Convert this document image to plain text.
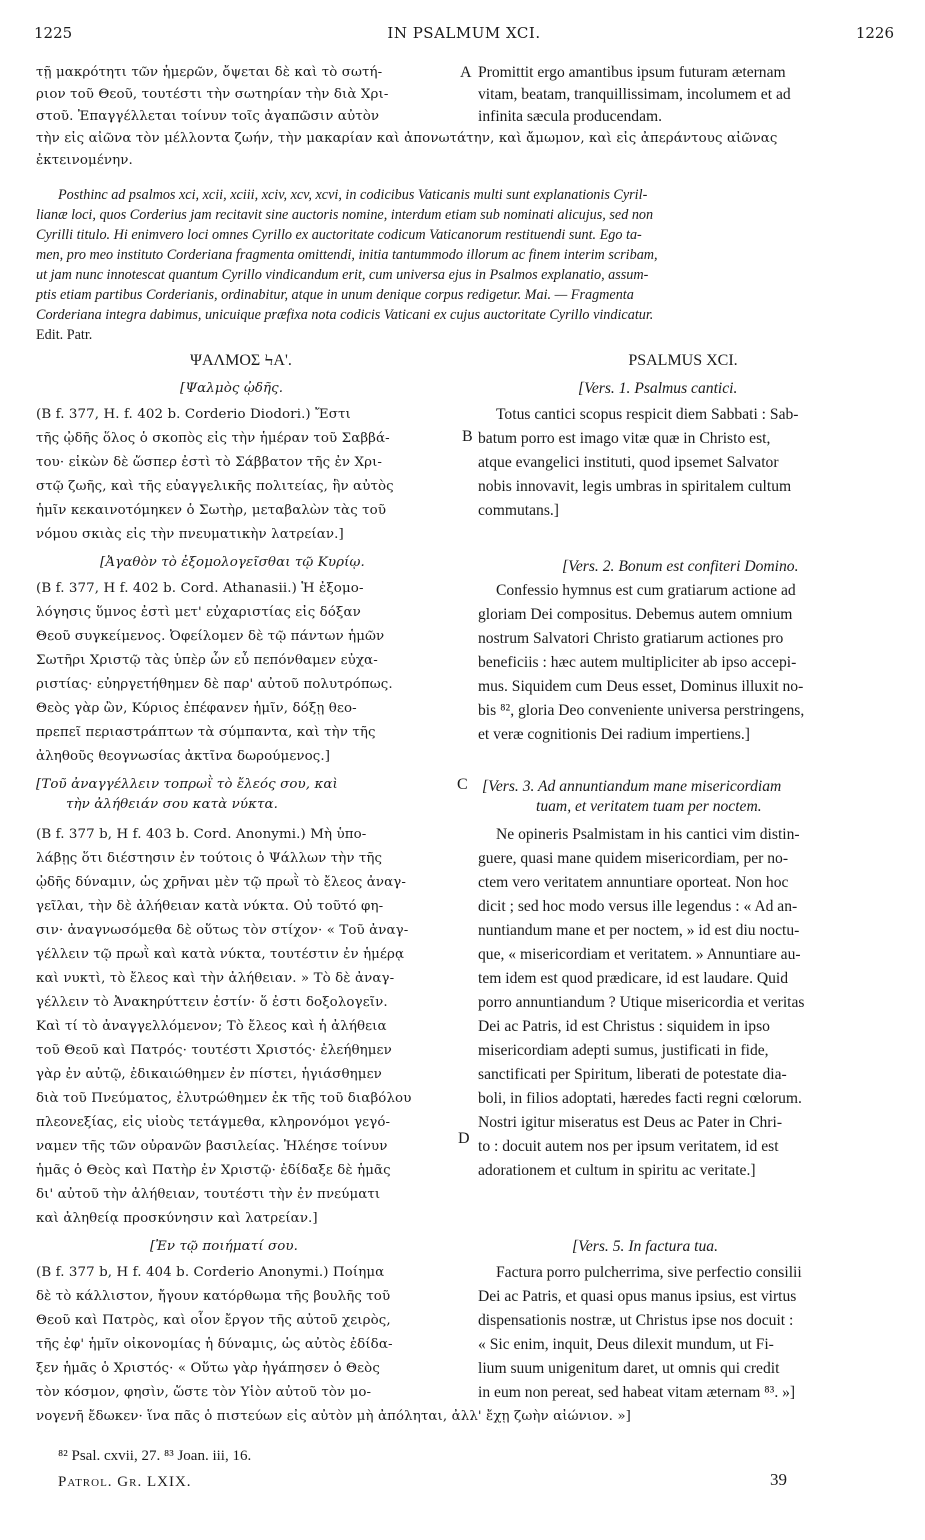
1225	IN PSALMUM XCI.	1226
τῇ μακρότητι τῶν ἡμερῶν, ὄψεται δὲ καὶ τὸ σωτή-
ριον τοῦ Θεοῦ, τουτέστι τὴν σωτηρίαν τὴν διὰ Χρι-
στοῦ. Ἐπαγγέλλεται τοίνυν τοῖς ἀγαπῶσιν αὐτὸν
A Promittit ergo amantibus ipsum futuram æternam
vitam, beatam, tranquillissimam, incolumem et ad
infinita sæcula producendam.
τὴν εἰς αἰῶνα τὸν μέλλοντα ζωήν, τὴν μακαρίαν καὶ ἀπονωτάτην, καὶ ἄμωμον, καὶ εἰς ἀπεράντους αἰῶνας
ἐκτεινομένην.
Posthinc ad psalmos xci, xcii, xciii, xciv, xcv, xcvi, in codicibus Vaticanis multi sunt explanationis Cyril-
lianæ loci, quos Corderius jam recitavit sine auctoris nomine, interdum etiam sub nominati alicujus, sed non
Cyrilli titulo. Hi enimvero loci omnes Cyrillo ex auctoritate codicum Vaticanorum restituendi sunt. Ego ta-
men, pro meo instituto Corderiana fragmenta omittendi, initia tantummodo illorum ac finem interim scribam,
ut jam nunc innotescat quantum Cyrillo vindicandum erit, cum universa ejus in Psalmos explanatio, assum-
ptis etiam partibus Corderianis, ordinabitur, atque in unum denique corpus redigetur. Mai. — Fragmenta
Corderiana integra dabimus, unicuique præfixa nota codicis Vaticani ex cujus auctoritate Cyrillo vindicatur.
Edit. Patr.
ΨΑΛΜΟΣ ϞΑ'.	PSALMUS XCI.
[Ψαλμὸς ᾠδῆς.
(B f. 377, H. f. 402 b. Corderio Diodori.) Ἔστι
τῆς ᾠδῆς ὅλος ὁ σκοπὸς εἰς τὴν ἡμέραν τοῦ Σαββά-
του· εἰκὼν δὲ ὥσπερ ἐστὶ τὸ Σάββατον τῆς ἐν Χρι-
στῷ ζωῆς, καὶ τῆς εὐαγγελικῆς πολιτείας, ἣν αὐτὸς
ἡμῖν κεκαινοτόμηκεν ὁ Σωτὴρ, μεταβαλὼν τὰς τοῦ
νόμου σκιὰς εἰς τὴν πνευματικὴν λατρείαν.]
[Ἀγαθὸν τὸ ἐξομολογεῖσθαι τῷ Κυρίῳ.
(B f. 377, H f. 402 b. Cord. Athanasii.) Ἡ ἐξομο-
λόγησις ὕμνος ἐστὶ μετ' εὐχαριστίας εἰς δόξαν
Θεοῦ συγκείμενος. Ὀφείλομεν δὲ τῷ πάντων ἡμῶν
Σωτῆρι Χριστῷ τὰς ὑπὲρ ὧν εὖ πεπόνθαμεν εὐχα-
ριστίας· εὐηργετήθημεν δὲ παρ' αὐτοῦ πολυτρόπως.
Θεὸς γὰρ ὢν, Κύριος ἐπέφανεν ἡμῖν, δόξῃ θεο-
πρεπεῖ περιαστράπτων τὰ σύμπαντα, καὶ τὴν τῆς
ἀληθοῦς θεογνωσίας ἀκτῖνα δωρούμενος.]
[Τοῦ ἀναγγέλλειν τοπρωῒ τὸ ἔλεός σου, καὶ
τὴν ἀλήθειάν σου κατὰ νύκτα.
(B f. 377 b, H f. 403 b. Cord. Anonymi.) Μὴ ὑπο-
λάβῃς ὅτι διέστησιν ἐν τούτοις ὁ Ψάλλων τὴν τῆς
ᾠδῆς δύναμιν, ὡς χρῆναι μὲν τῷ πρωῒ τὸ ἔλεος ἀναγ-
γεῖλαι, τὴν δὲ ἀλήθειαν κατὰ νύκτα. Οὐ τοῦτό φη-
σιν· ἀναγνωσόμεθα δὲ οὕτως τὸν στίχον· « Τοῦ ἀναγ-
γέλλειν τῷ πρωῒ καὶ κατὰ νύκτα, τουτέστιν ἐν ἡμέρᾳ
καὶ νυκτὶ, τὸ ἔλεος καὶ τὴν ἀλήθειαν. » Τὸ δὲ ἀναγ-
γέλλειν τὸ Ἀνακηρύττειν ἐστίν· ὅ ἐστι δοξολογεῖν.
Καὶ τί τὸ ἀναγγελλόμενον; Τὸ ἔλεος καὶ ἡ ἀλήθεια
τοῦ Θεοῦ καὶ Πατρός· τουτέστι Χριστός· ἐλεήθημεν
γὰρ ἐν αὐτῷ, ἐδικαιώθημεν ἐν πίστει, ἡγιάσθημεν
διὰ τοῦ Πνεύματος, ἐλυτρώθημεν ἐκ τῆς τοῦ διαβόλου
πλεονεξίας, εἰς υἱοὺς τετάγμεθα, κληρονόμοι γεγό-
ναμεν τῆς τῶν οὐρανῶν βασιλείας. Ἠλέησε τοίνυν
ἡμᾶς ὁ Θεὸς καὶ Πατὴρ ἐν Χριστῷ· ἐδίδαξε δὲ ἡμᾶς
δι' αὐτοῦ τὴν ἀλήθειαν, τουτέστι τὴν ἐν πνεύματι
καὶ ἀληθείᾳ προσκύνησιν καὶ λατρείαν.]
[Ἐν τῷ ποιήματί σου.
(B f. 377 b, H f. 404 b. Corderio Anonymi.) Ποίημα
δὲ τὸ κάλλιστον, ἤγουν κατόρθωμα τῆς βουλῆς τοῦ
Θεοῦ καὶ Πατρὸς, καὶ οἷον ἔργον τῆς αὐτοῦ χειρὸς,
τῆς ἐφ' ἡμῖν οἰκονομίας ἡ δύναμις, ὡς αὐτὸς ἐδίδα-
ξεν ἡμᾶς ὁ Χριστός· « Οὕτω γὰρ ἠγάπησεν ὁ Θεὸς
τὸν κόσμον, φησὶν, ὥστε τὸν Υἱὸν αὐτοῦ τὸν μο-
B
C
D
[Vers. 1. Psalmus cantici.
Totus cantici scopus respicit diem Sabbati : Sab-
batum porro est imago vitæ quæ in Christo est,
atque evangelici instituti, quod ipsemet Salvator
nobis innovavit, legis umbras in spiritalem cultum
commutans.]
[Vers. 2. Bonum est confiteri Domino.
Confessio hymnus est cum gratiarum actione ad
gloriam Dei compositus. Debemus autem omnium
nostrum Salvatori Christo gratiarum actiones pro
beneficiis : hæc autem multipliciter ab ipso accepi-
mus. Siquidem cum Deus esset, Dominus illuxit no-
bis ⁸², gloria Deo conveniente universa perstringens,
et veræ cognitionis Dei radium impertiens.]
[Vers. 3. Ad annuntiandum mane misericordiam
tuam, et veritatem tuam per noctem.
Ne opineris Psalmistam in his cantici vim distin-
guere, quasi mane quidem misericordiam, per no-
ctem vero veritatem annuntiare oporteat. Non hoc
dicit ; sed hoc modo versus ille legendus : « Ad an-
nuntiandum mane et per noctem, » id est diu noctu-
que, « misericordiam et veritatem. » Annuntiare au-
tem idem est quod prædicare, id est laudare. Quid
porro annuntiandum ? Utique misericordia et veritas
Dei ac Patris, id est Christus : siquidem in ipso
misericordiam adepti sumus, justificati in fide,
sanctificati per Spiritum, liberati de potestate dia-
boli, in filios adoptati, hæredes facti regni cœlorum.
Nostri igitur miseratus est Deus ac Pater in Chri-
to : docuit autem nos per ipsum veritatem, id est
adorationem et cultum in spiritu ac veritate.]
[Vers. 5. In factura tua.
Factura porro pulcherrima, sive perfectio consilii
Dei ac Patris, et quasi opus manus ipsius, est virtus
dispensationis nostræ, ut Christus ipse nos docuit :
« Sic enim, inquit, Deus dilexit mundum, ut Fi-
lium suum unigenitum daret, ut omnis qui credit
in eum non pereat, sed habeat vitam æternam ⁸³. »]
νογενῆ ἔδωκεν· ἵνα πᾶς ὁ πιστεύων εἰς αὐτὸν μὴ ἀπόληται, ἀλλ' ἔχῃ ζωὴν αἰώνιον. »]
⁸² Psal. cxvii, 27. ⁸³ Joan. iii, 16.
Patrol. Gr. LXIX.	39
